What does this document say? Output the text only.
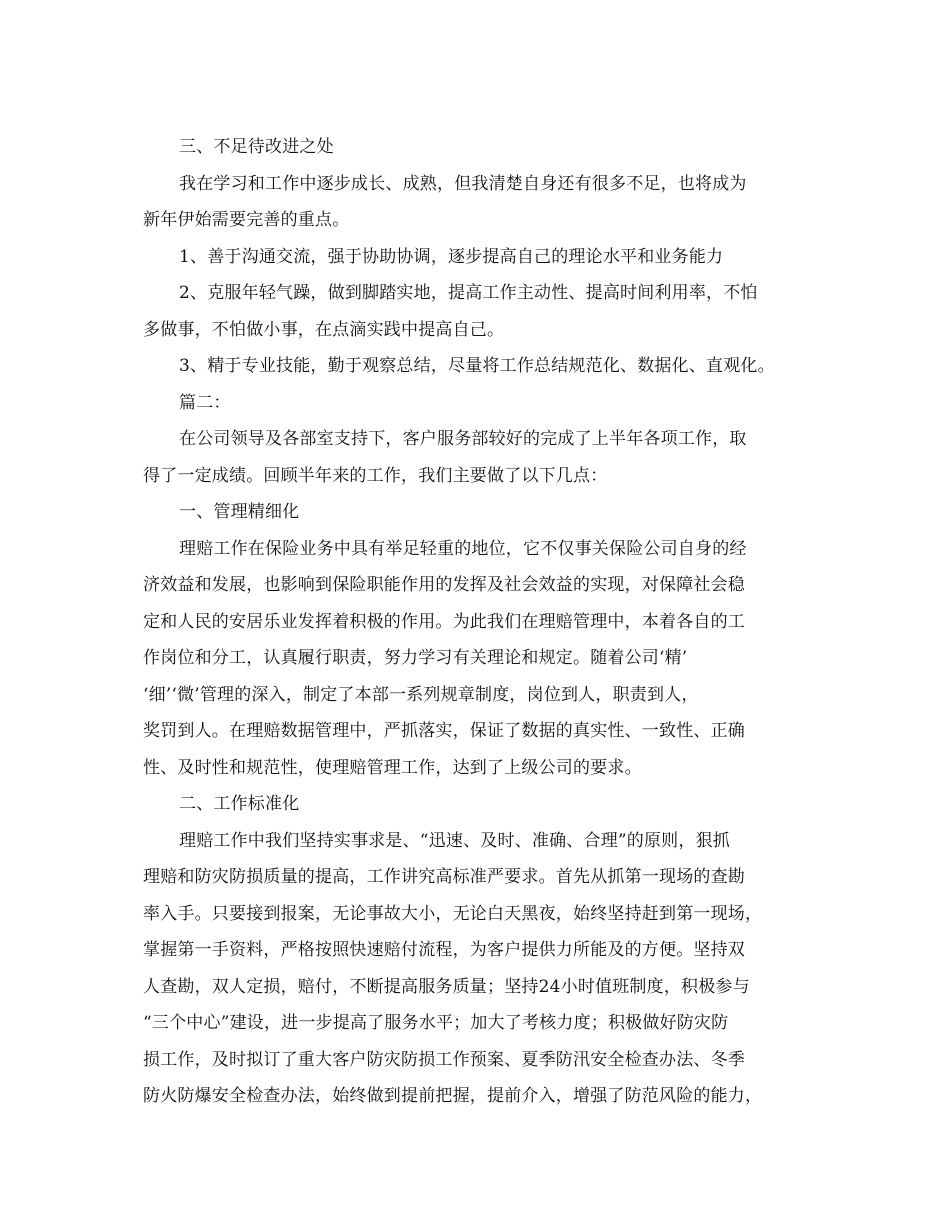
三、不足待改进之处
我在学习和工作中逐步成长、成熟，但我清楚自身还有很多不足，也将成为
新年伊始需要完善的重点。
1、善于沟通交流，强于协助协调，逐步提高自己的理论水平和业务能力
2、克服年轻气躁，做到脚踏实地，提高工作主动性、提高时间利用率，不怕
多做事，不怕做小事，在点滴实践中提高自己。
3、精于专业技能，勤于观察总结，尽量将工作总结规范化、数据化、直观化。
篇二：
在公司领导及各部室支持下，客户服务部较好的完成了上半年各项工作，取
得了一定成绩。回顾半年来的工作，我们主要做了以下几点：
一、管理精细化
理赔工作在保险业务中具有举足轻重的地位，它不仅事关保险公司自身的经
济效益和发展，也影响到保险职能作用的发挥及社会效益的实现，对保障社会稳
定和人民的安居乐业发挥着积极的作用。为此我们在理赔管理中，本着各自的工
作岗位和分工，认真履行职责，努力学习有关理论和规定。随着公司‘精’
‘细’‘微’管理的深入，制定了本部一系列规章制度，岗位到人，职责到人，
奖罚到人。在理赔数据管理中，严抓落实，保证了数据的真实性、一致性、正确
性、及时性和规范性，使理赔管理工作，达到了上级公司的要求。
二、工作标准化
理赔工作中我们坚持实事求是、“迅速、及时、准确、合理”的原则，狠抓
理赔和防灾防损质量的提高，工作讲究高标准严要求。首先从抓第一现场的查勘
率入手。只要接到报案，无论事故大小，无论白天黑夜，始终坚持赶到第一现场，
掌握第一手资料，严格按照快速赔付流程，为客户提供力所能及的方便。坚持双
人查勘，双人定损，赔付，不断提高服务质量；坚持24小时值班制度，积极参与
“三个中心”建设，进一步提高了服务水平；加大了考核力度；积极做好防灾防
损工作，及时拟订了重大客户防灾防损工作预案、夏季防汛安全检查办法、冬季
防火防爆安全检查办法，始终做到提前把握，提前介入，增强了防范风险的能力，
